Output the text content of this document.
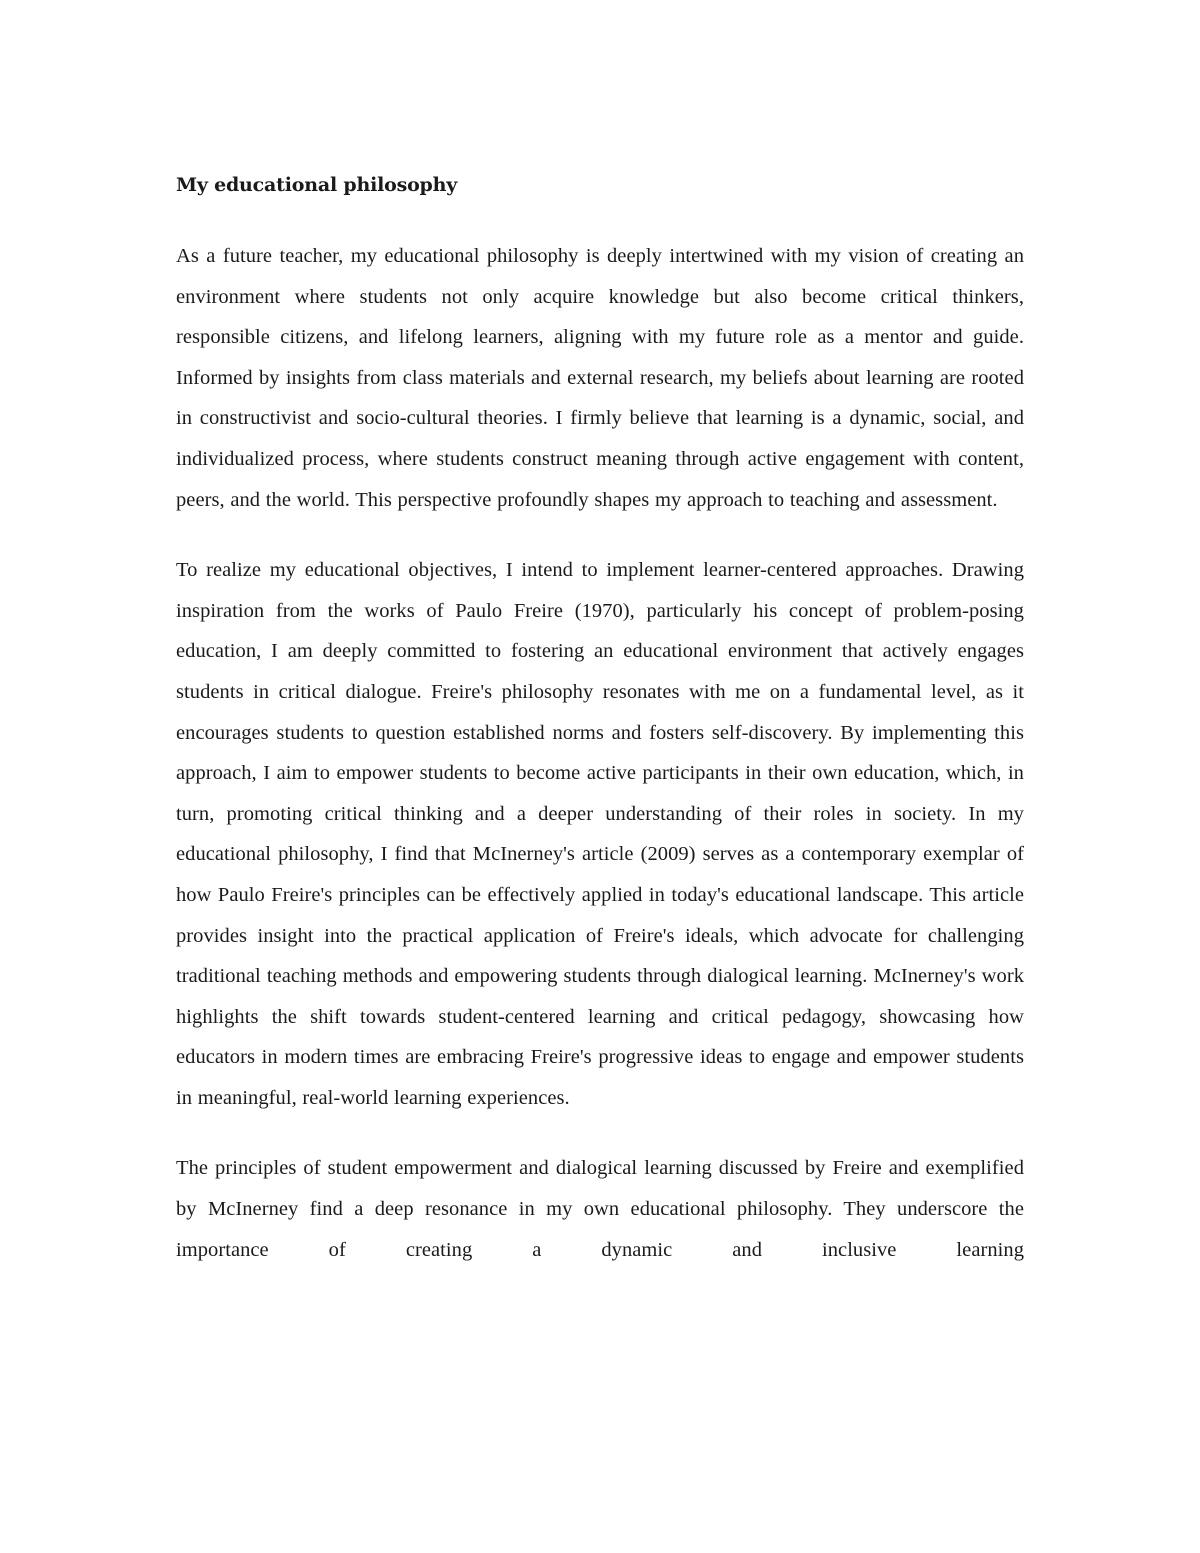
My educational philosophy

As a future teacher, my educational philosophy is deeply intertwined with my vision of creating an environment where students not only acquire knowledge but also become critical thinkers, responsible citizens, and lifelong learners, aligning with my future role as a mentor and guide. Informed by insights from class materials and external research, my beliefs about learning are rooted in constructivist and socio-cultural theories. I firmly believe that learning is a dynamic, social, and individualized process, where students construct meaning through active engagement with content, peers, and the world. This perspective profoundly shapes my approach to teaching and assessment.

To realize my educational objectives, I intend to implement learner-centered approaches. Drawing inspiration from the works of Paulo Freire (1970), particularly his concept of problem-posing education, I am deeply committed to fostering an educational environment that actively engages students in critical dialogue. Freire's philosophy resonates with me on a fundamental level, as it encourages students to question established norms and fosters self-discovery. By implementing this approach, I aim to empower students to become active participants in their own education, which, in turn, promoting critical thinking and a deeper understanding of their roles in society. In my educational philosophy, I find that McInerney's article (2009) serves as a contemporary exemplar of how Paulo Freire's principles can be effectively applied in today's educational landscape. This article provides insight into the practical application of Freire's ideals, which advocate for challenging traditional teaching methods and empowering students through dialogical learning. McInerney's work highlights the shift towards student-centered learning and critical pedagogy, showcasing how educators in modern times are embracing Freire's progressive ideas to engage and empower students in meaningful, real-world learning experiences.

The principles of student empowerment and dialogical learning discussed by Freire and exemplified by McInerney find a deep resonance in my own educational philosophy. They underscore the importance of creating a dynamic and inclusive learning
